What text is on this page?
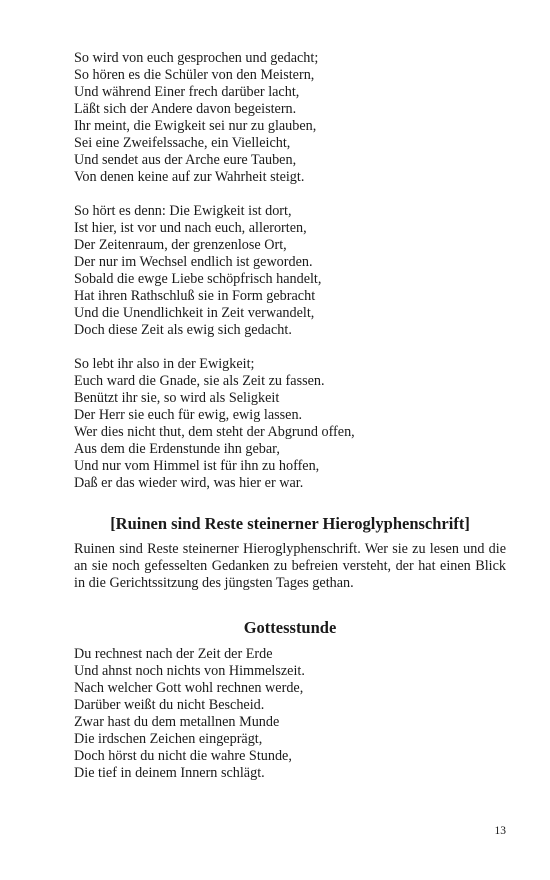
So wird von euch gesprochen und gedacht;
So hören es die Schüler von den Meistern,
Und während Einer frech darüber lacht,
Läßt sich der Andere davon begeistern.
Ihr meint, die Ewigkeit sei nur zu glauben,
Sei eine Zweifelssache, ein Vielleicht,
Und sendet aus der Arche eure Tauben,
Von denen keine auf zur Wahrheit steigt.
So hört es denn: Die Ewigkeit ist dort,
Ist hier, ist vor und nach euch, allerorten,
Der Zeitenraum, der grenzenlose Ort,
Der nur im Wechsel endlich ist geworden.
Sobald die ewge Liebe schöpfrisch handelt,
Hat ihren Rathschluß sie in Form gebracht
Und die Unendlichkeit in Zeit verwandelt,
Doch diese Zeit als ewig sich gedacht.
So lebt ihr also in der Ewigkeit;
Euch ward die Gnade, sie als Zeit zu fassen.
Benützt ihr sie, so wird als Seligkeit
Der Herr sie euch für ewig, ewig lassen.
Wer dies nicht thut, dem steht der Abgrund offen,
Aus dem die Erdenstunde ihn gebar,
Und nur vom Himmel ist für ihn zu hoffen,
Daß er das wieder wird, was hier er war.
[Ruinen sind Reste steinerner Hieroglyphenschrift]

Ruinen sind Reste steinerner Hieroglyphenschrift. Wer sie zu lesen und die an sie noch gefesselten Gedanken zu befreien versteht, der hat einen Blick in die Gerichtssitzung des jüngsten Tages gethan.

Gottesstunde
Du rechnest nach der Zeit der Erde
Und ahnst noch nichts von Himmelszeit.
Nach welcher Gott wohl rechnen werde,
Darüber weißt du nicht Bescheid.
Zwar hast du dem metallnen Munde
Die irdschen Zeichen eingeprägt,
Doch hörst du nicht die wahre Stunde,
Die tief in deinem Innern schlägt.
13
